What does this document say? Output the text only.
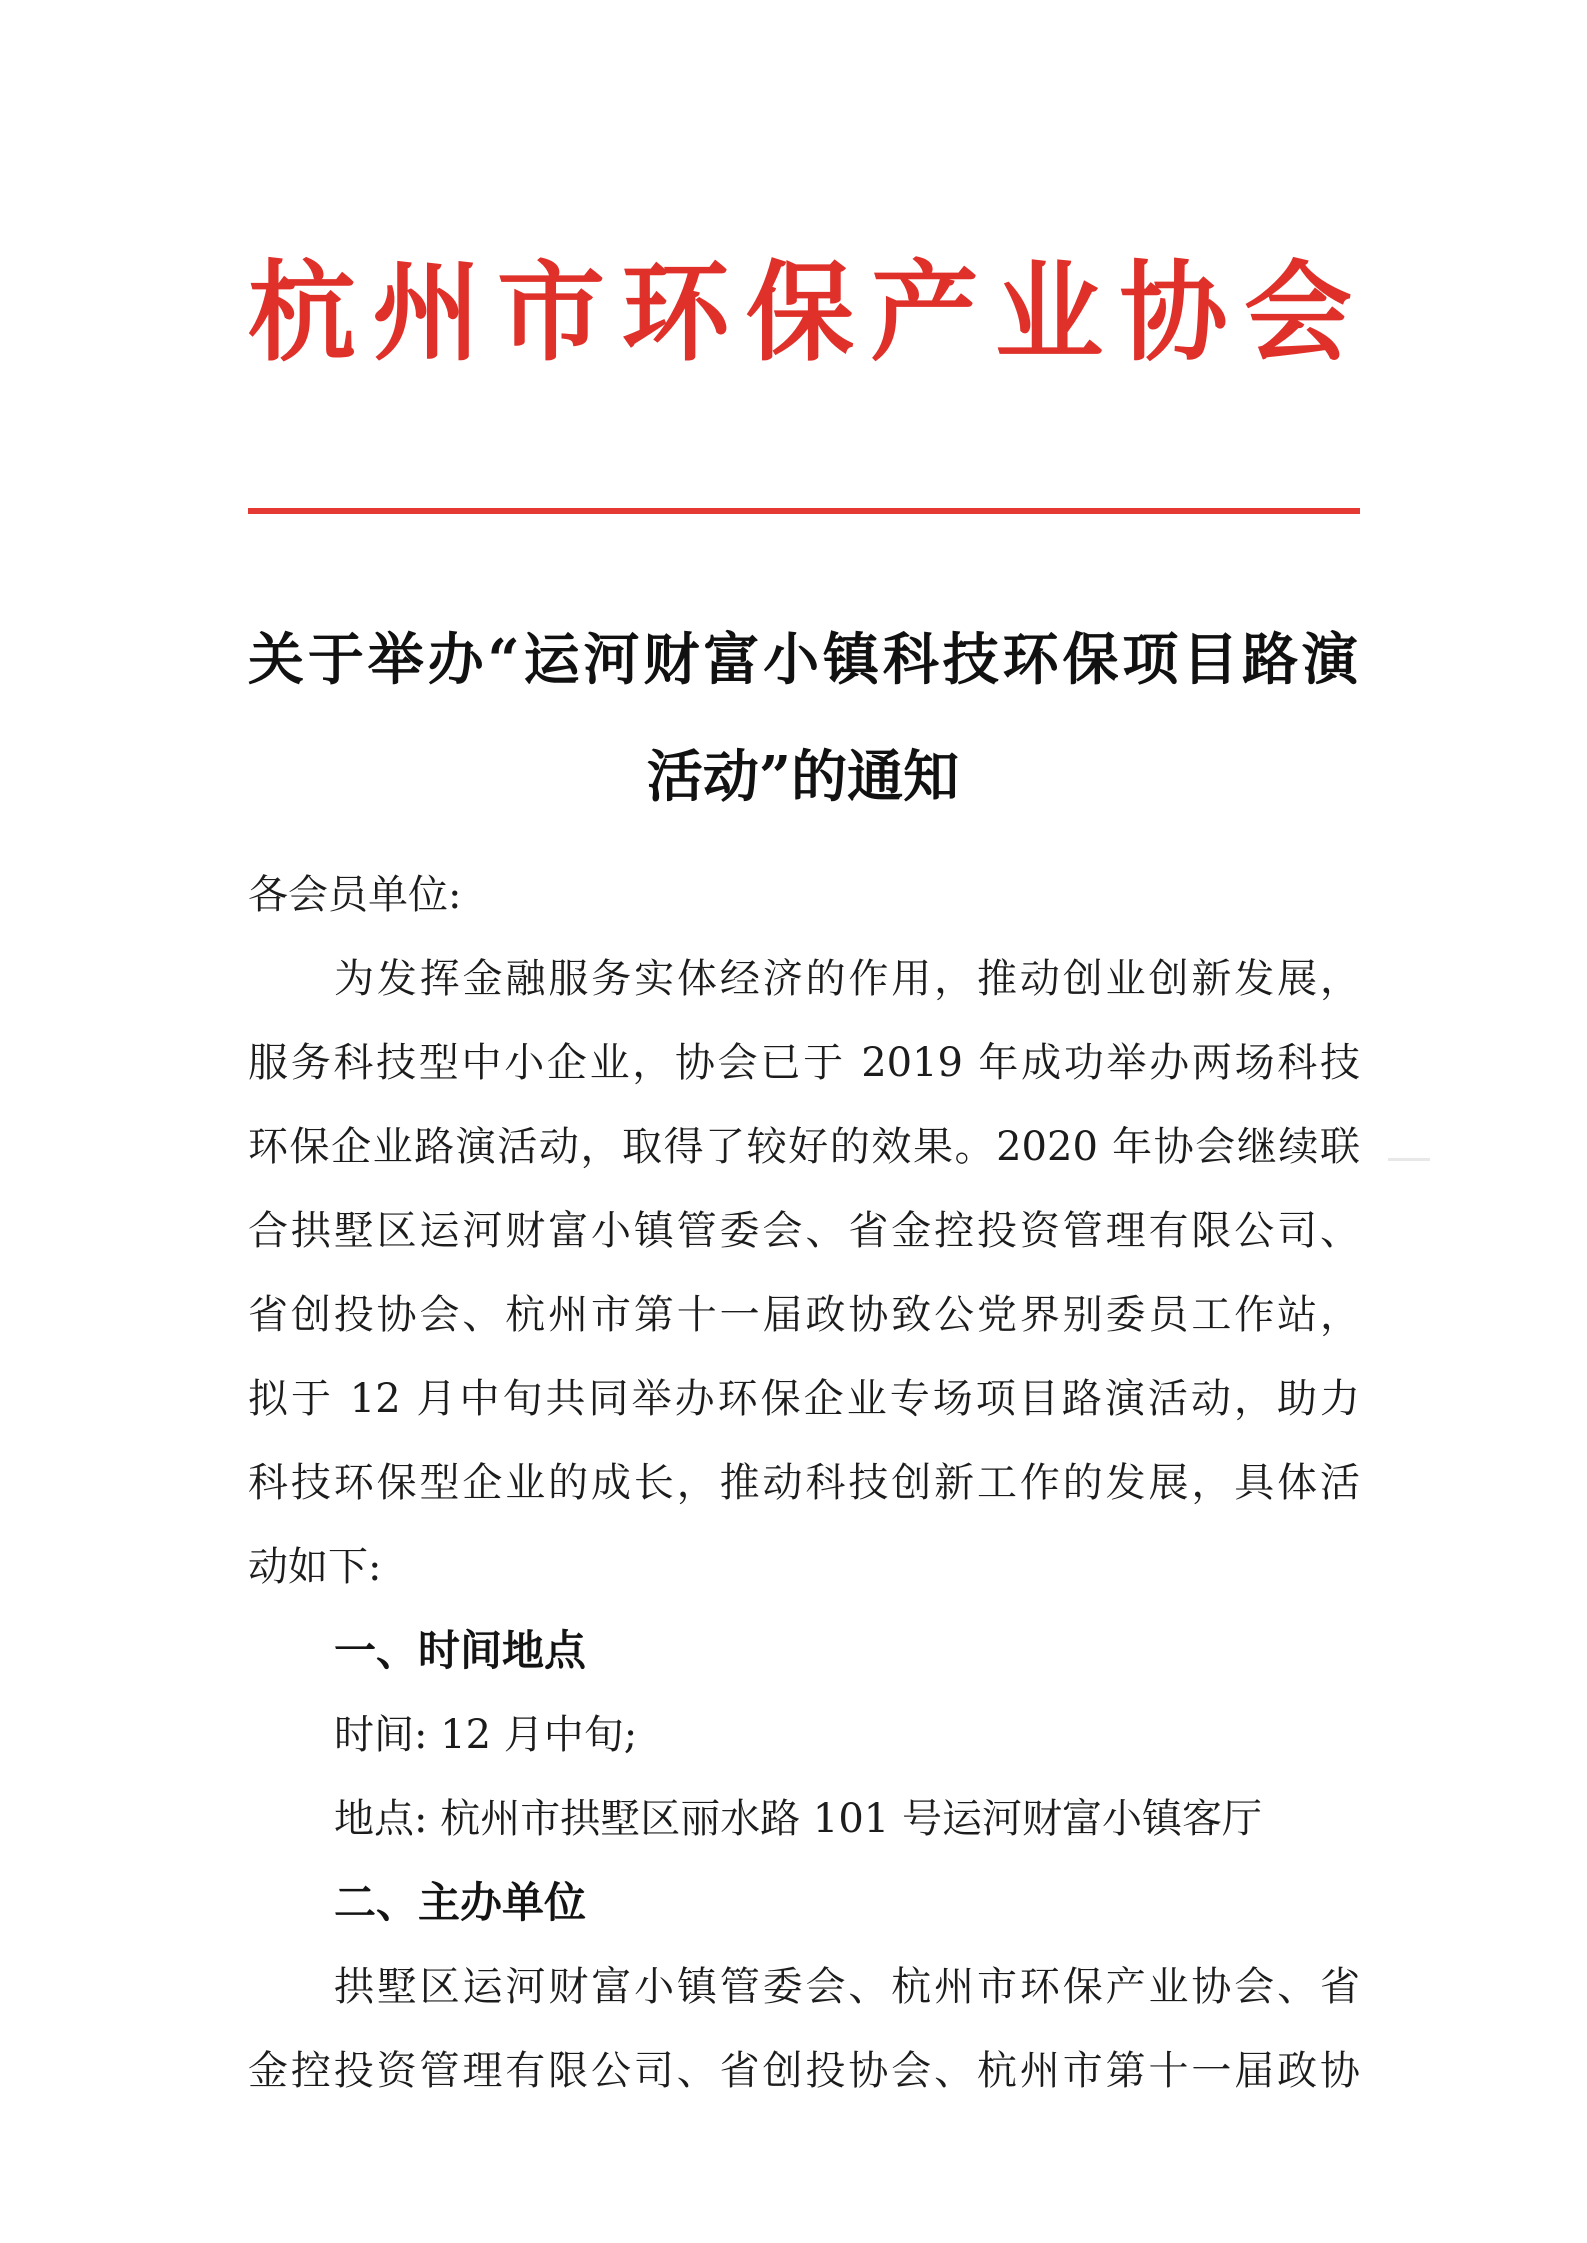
杭州市环保产业协会
关于举办“运河财富小镇科技环保项目路演
活动”的通知
各会员单位:
为发挥金融服务实体经济的作用，推动创业创新发展，
服务科技型中小企业，协会已于 2019 年成功举办两场科技
环保企业路演活动，取得了较好的效果。2020 年协会继续联
合拱墅区运河财富小镇管委会、省金控投资管理有限公司、
省创投协会、杭州市第十一届政协致公党界别委员工作站，
拟于 12 月中旬共同举办环保企业专场项目路演活动，助力
科技环保型企业的成长，推动科技创新工作的发展，具体活
动如下:
一、时间地点
时间: 12 月中旬;
地点: 杭州市拱墅区丽水路 101 号运河财富小镇客厅
二、主办单位
拱墅区运河财富小镇管委会、杭州市环保产业协会、省
金控投资管理有限公司、省创投协会、杭州市第十一届政协
